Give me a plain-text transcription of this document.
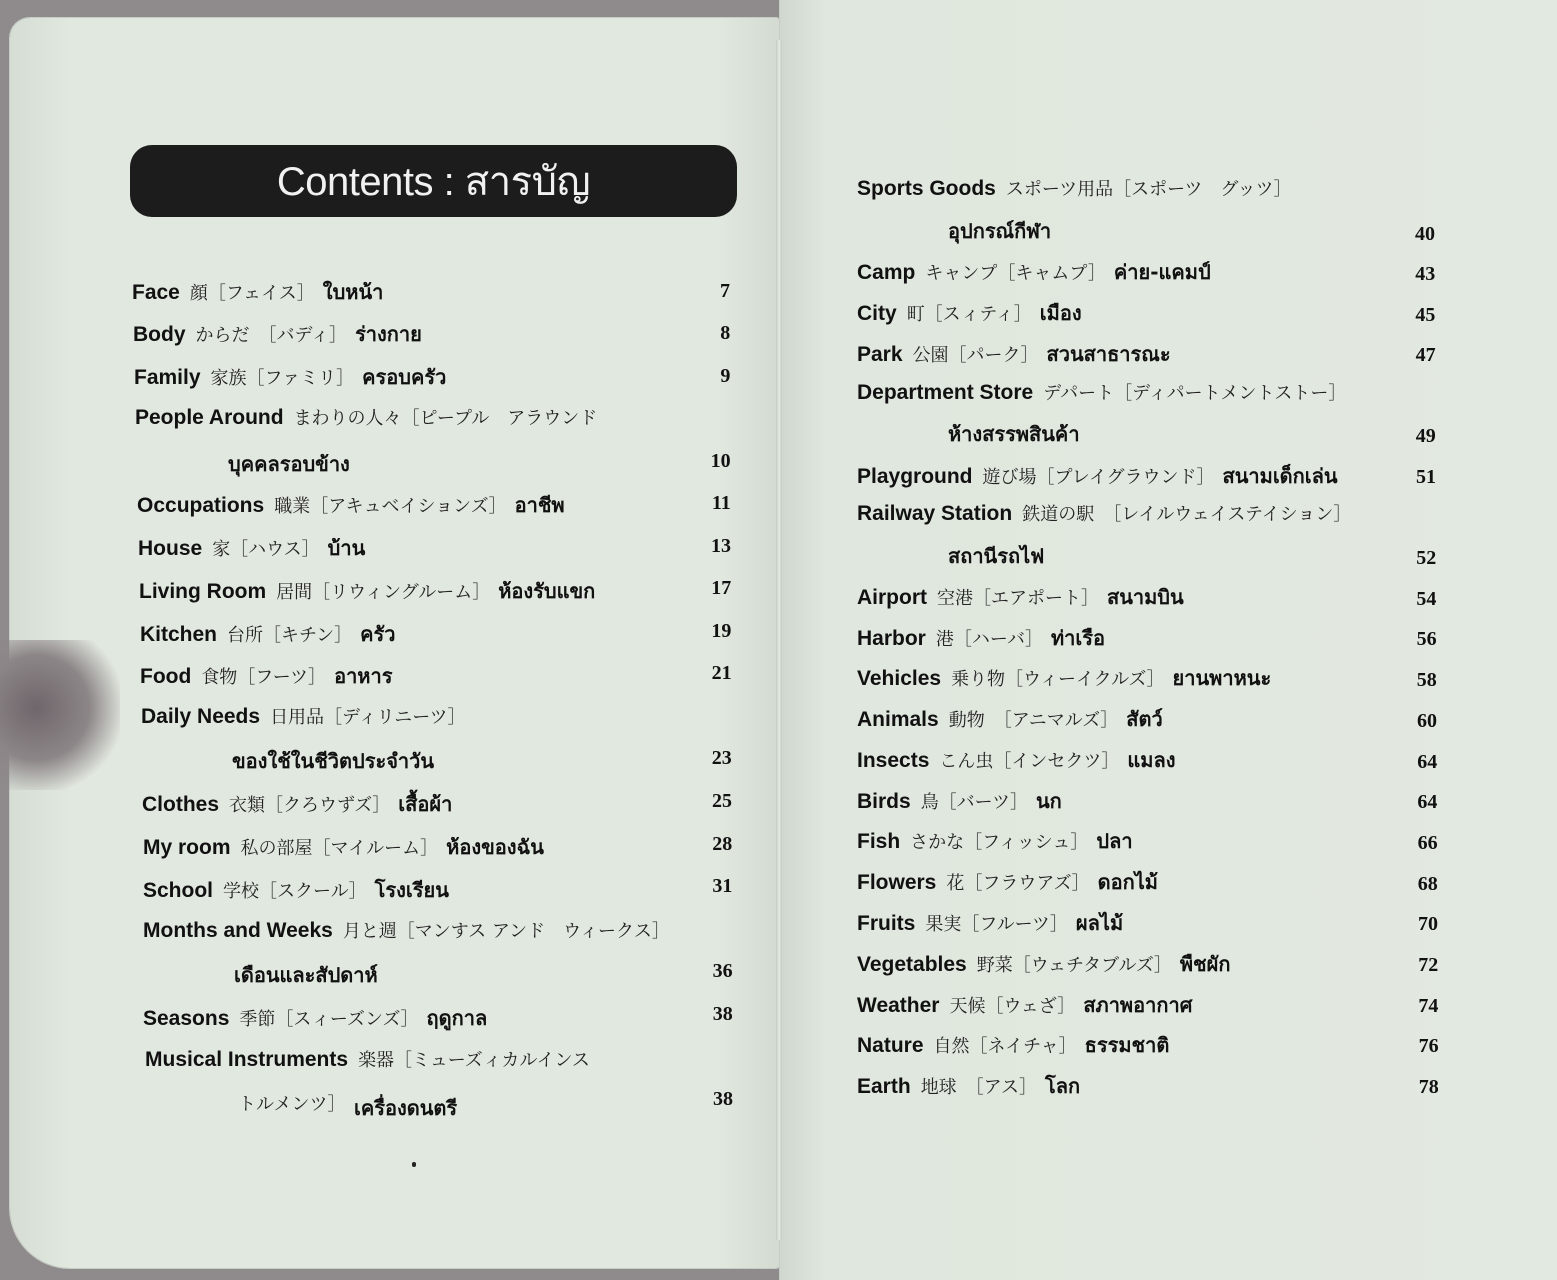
Contents : สารบัญ
Face 顔［フェイス］ ใบหน้า	7
Body からだ　［バディ］ ร่างกาย	8
Family 家族［ファミリ］ ครอบครัว	9
People Around まわりの人々［ピープル　アラウンド
บุคคลรอบข้าง	10
Occupations 職業［アキュベイションズ］ อาชีพ	11
House 家［ハウス］ บ้าน	13
Living Room 居間［リウィングルーム］ ห้องรับแขก	17
Kitchen 台所［キチン］ ครัว	19
Food 食物［フーツ］ อาหาร	21
Daily Needs 日用品［ディリニーツ］
ของใช้ในชีวิตประจำวัน	23
Clothes 衣類［クろウずズ］ เสื้อผ้า	25
My room 私の部屋［マイルーム］ ห้องของฉัน	28
School 学校［スクール］ โรงเรียน	31
Months and Weeks 月と週［マンすス アンド　ウィークス］
เดือนและสัปดาห์	36
Seasons 季節［スィーズンズ］ ฤดูกาล	38
Musical Instruments 楽器［ミューズィカルインス
トルメンツ］ เครื่องดนตรี	38
Sports Goods スポーツ用品［スポーツ　グッツ］
อุปกรณ์กีฬา	40
Camp キャンプ［キャムプ］ ค่าย-แคมป์	43
City 町［スィティ］ เมือง	45
Park 公園［パーク］ สวนสาธารณะ	47
Department Store デパート［ディパートメントストー］
ห้างสรรพสินค้า	49
Playground 遊び場［プレイグラウンド］ สนามเด็กเล่น	51
Railway Station 鉄道の駅　［レイルウェイステイション］
สถานีรถไฟ	52
Airport 空港［エアポート］ สนามบิน	54
Harbor 港［ハーバ］ ท่าเรือ	56
Vehicles 乗り物［ウィーイクルズ］ ยานพาหนะ	58
Animals 動物　［アニマルズ］ สัตว์	60
Insects こん虫［インセクツ］ แมลง	64
Birds 鳥［バーツ］ นก	64
Fish さかな［フィッシュ］ ปลา	66
Flowers 花［フラウアズ］ ดอกไม้	68
Fruits 果実［フルーツ］ ผลไม้	70
Vegetables 野菜［ウェチタブルズ］ พืชผัก	72
Weather 天候［ウェざ］ สภาพอากาศ	74
Nature 自然［ネイチャ］ ธรรมชาติ	76
Earth 地球　［アス］ โลก	78
